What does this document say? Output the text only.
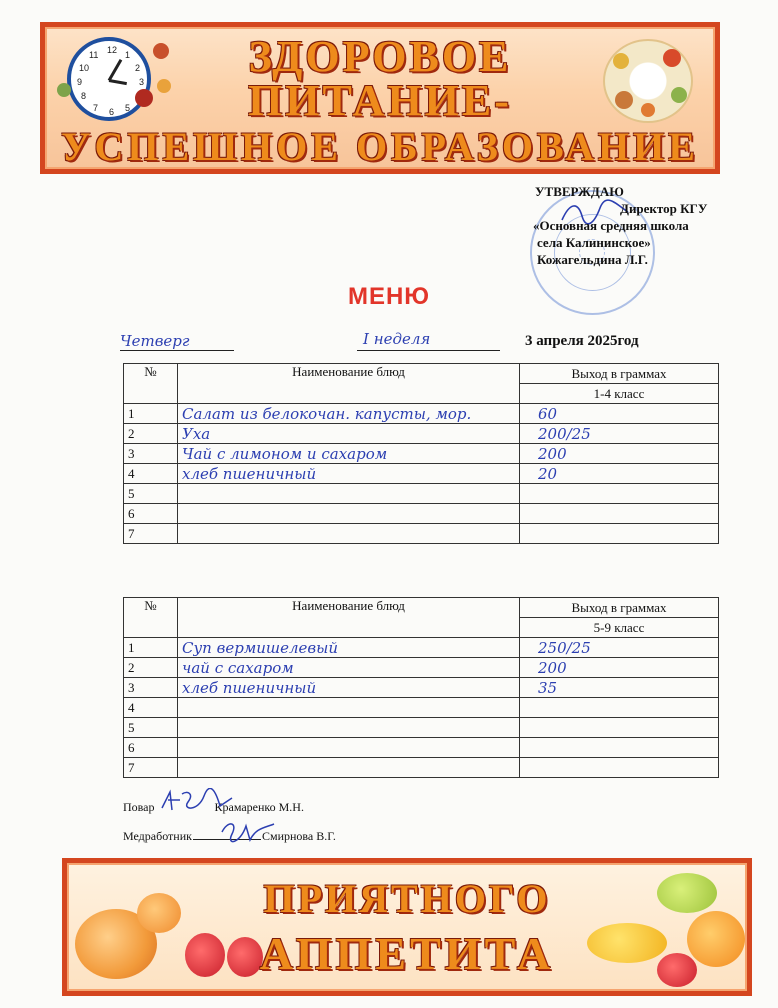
12 1
2
3
5
6
7
8
9
10
11	ЗДОРОВОЕ
ПИТАНИЕ-
УСПЕШНОЕ ОБРАЗОВАНИЕ
УТВЕРЖДАЮ
Директор КГУ
«Основная средняя школа
села Калининское»
Кожагельдина Л.Г.
МЕНЮ
Четверг	I неделя	3 апреля 2025год
№	Наименование блюд	Выход в граммах
		1-4 класс
1	Салат из белокочан. капусты, мор.	60
2	Уха	200/25
3	Чай с лимоном и сахаром	200
4	хлеб пшеничный	20
5		
6		
7		
№	Наименование блюд	Выход в граммах
		5-9 класс
1	Суп вермишелевый	250/25
2	чай с сахаром	200
3	хлеб пшеничный	35
4		
5		
6		
7		
Повар	Крамаренко М.Н.
Медработник	Смирнова В.Г.
ПРИЯТНОГО
АППЕТИТА
